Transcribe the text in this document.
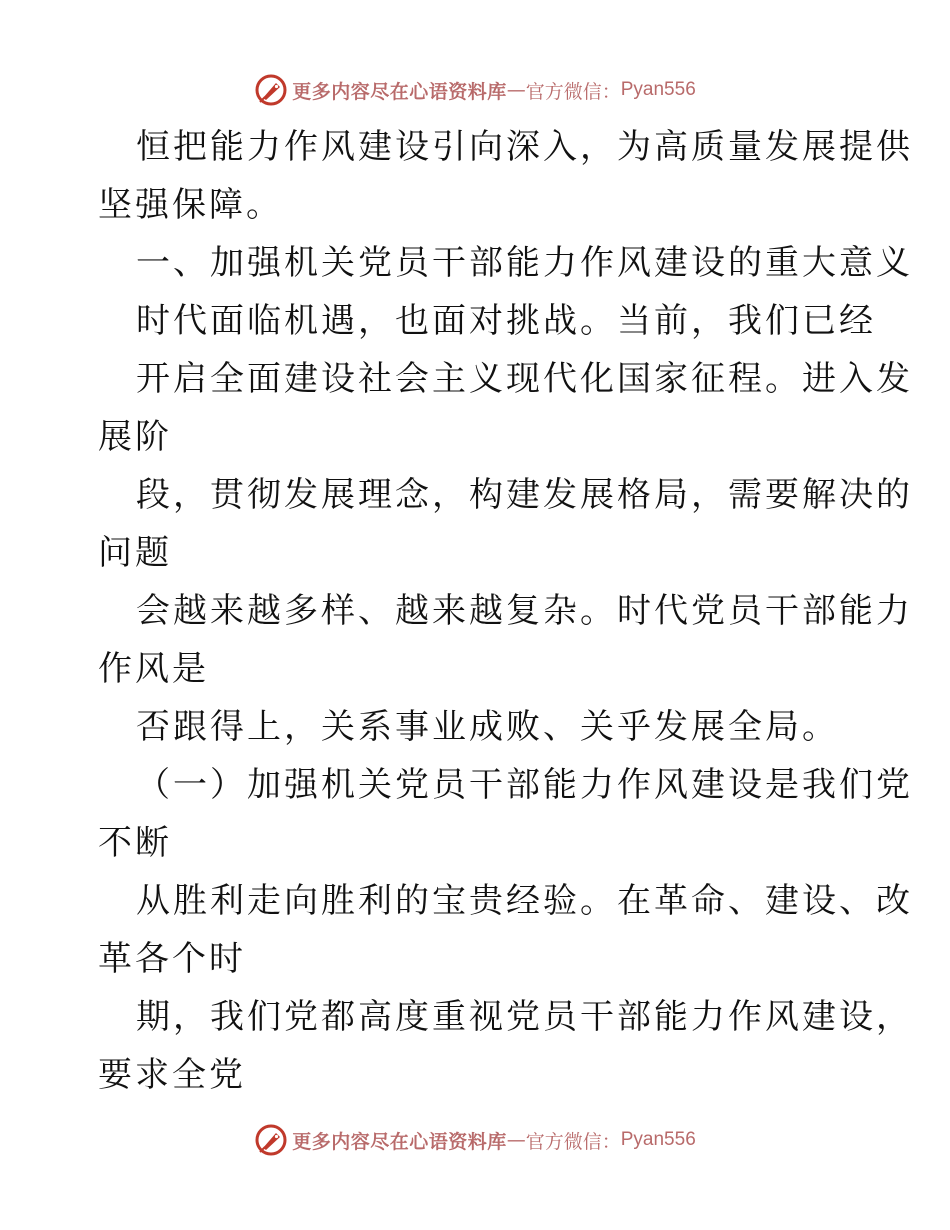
更多内容尽在心语资料库 — 官方微信： Pyan556
恒把能力作风建设引向深入，为高质量发展提供
坚强保障。
一、加强机关党员干部能力作风建设的重大意义
时代面临机遇，也面对挑战。当前，我们已经
开启全面建设社会主义现代化国家征程。进入发
展阶
段，贯彻发展理念，构建发展格局，需要解决的
问题
会越来越多样、越来越复杂。时代党员干部能力
作风是
否跟得上，关系事业成败、关乎发展全局。
（一）加强机关党员干部能力作风建设是我们党
不断
从胜利走向胜利的宝贵经验。在革命、建设、改
革各个时
期，我们党都高度重视党员干部能力作风建设，
要求全党
更多内容尽在心语资料库 — 官方微信： Pyan556
